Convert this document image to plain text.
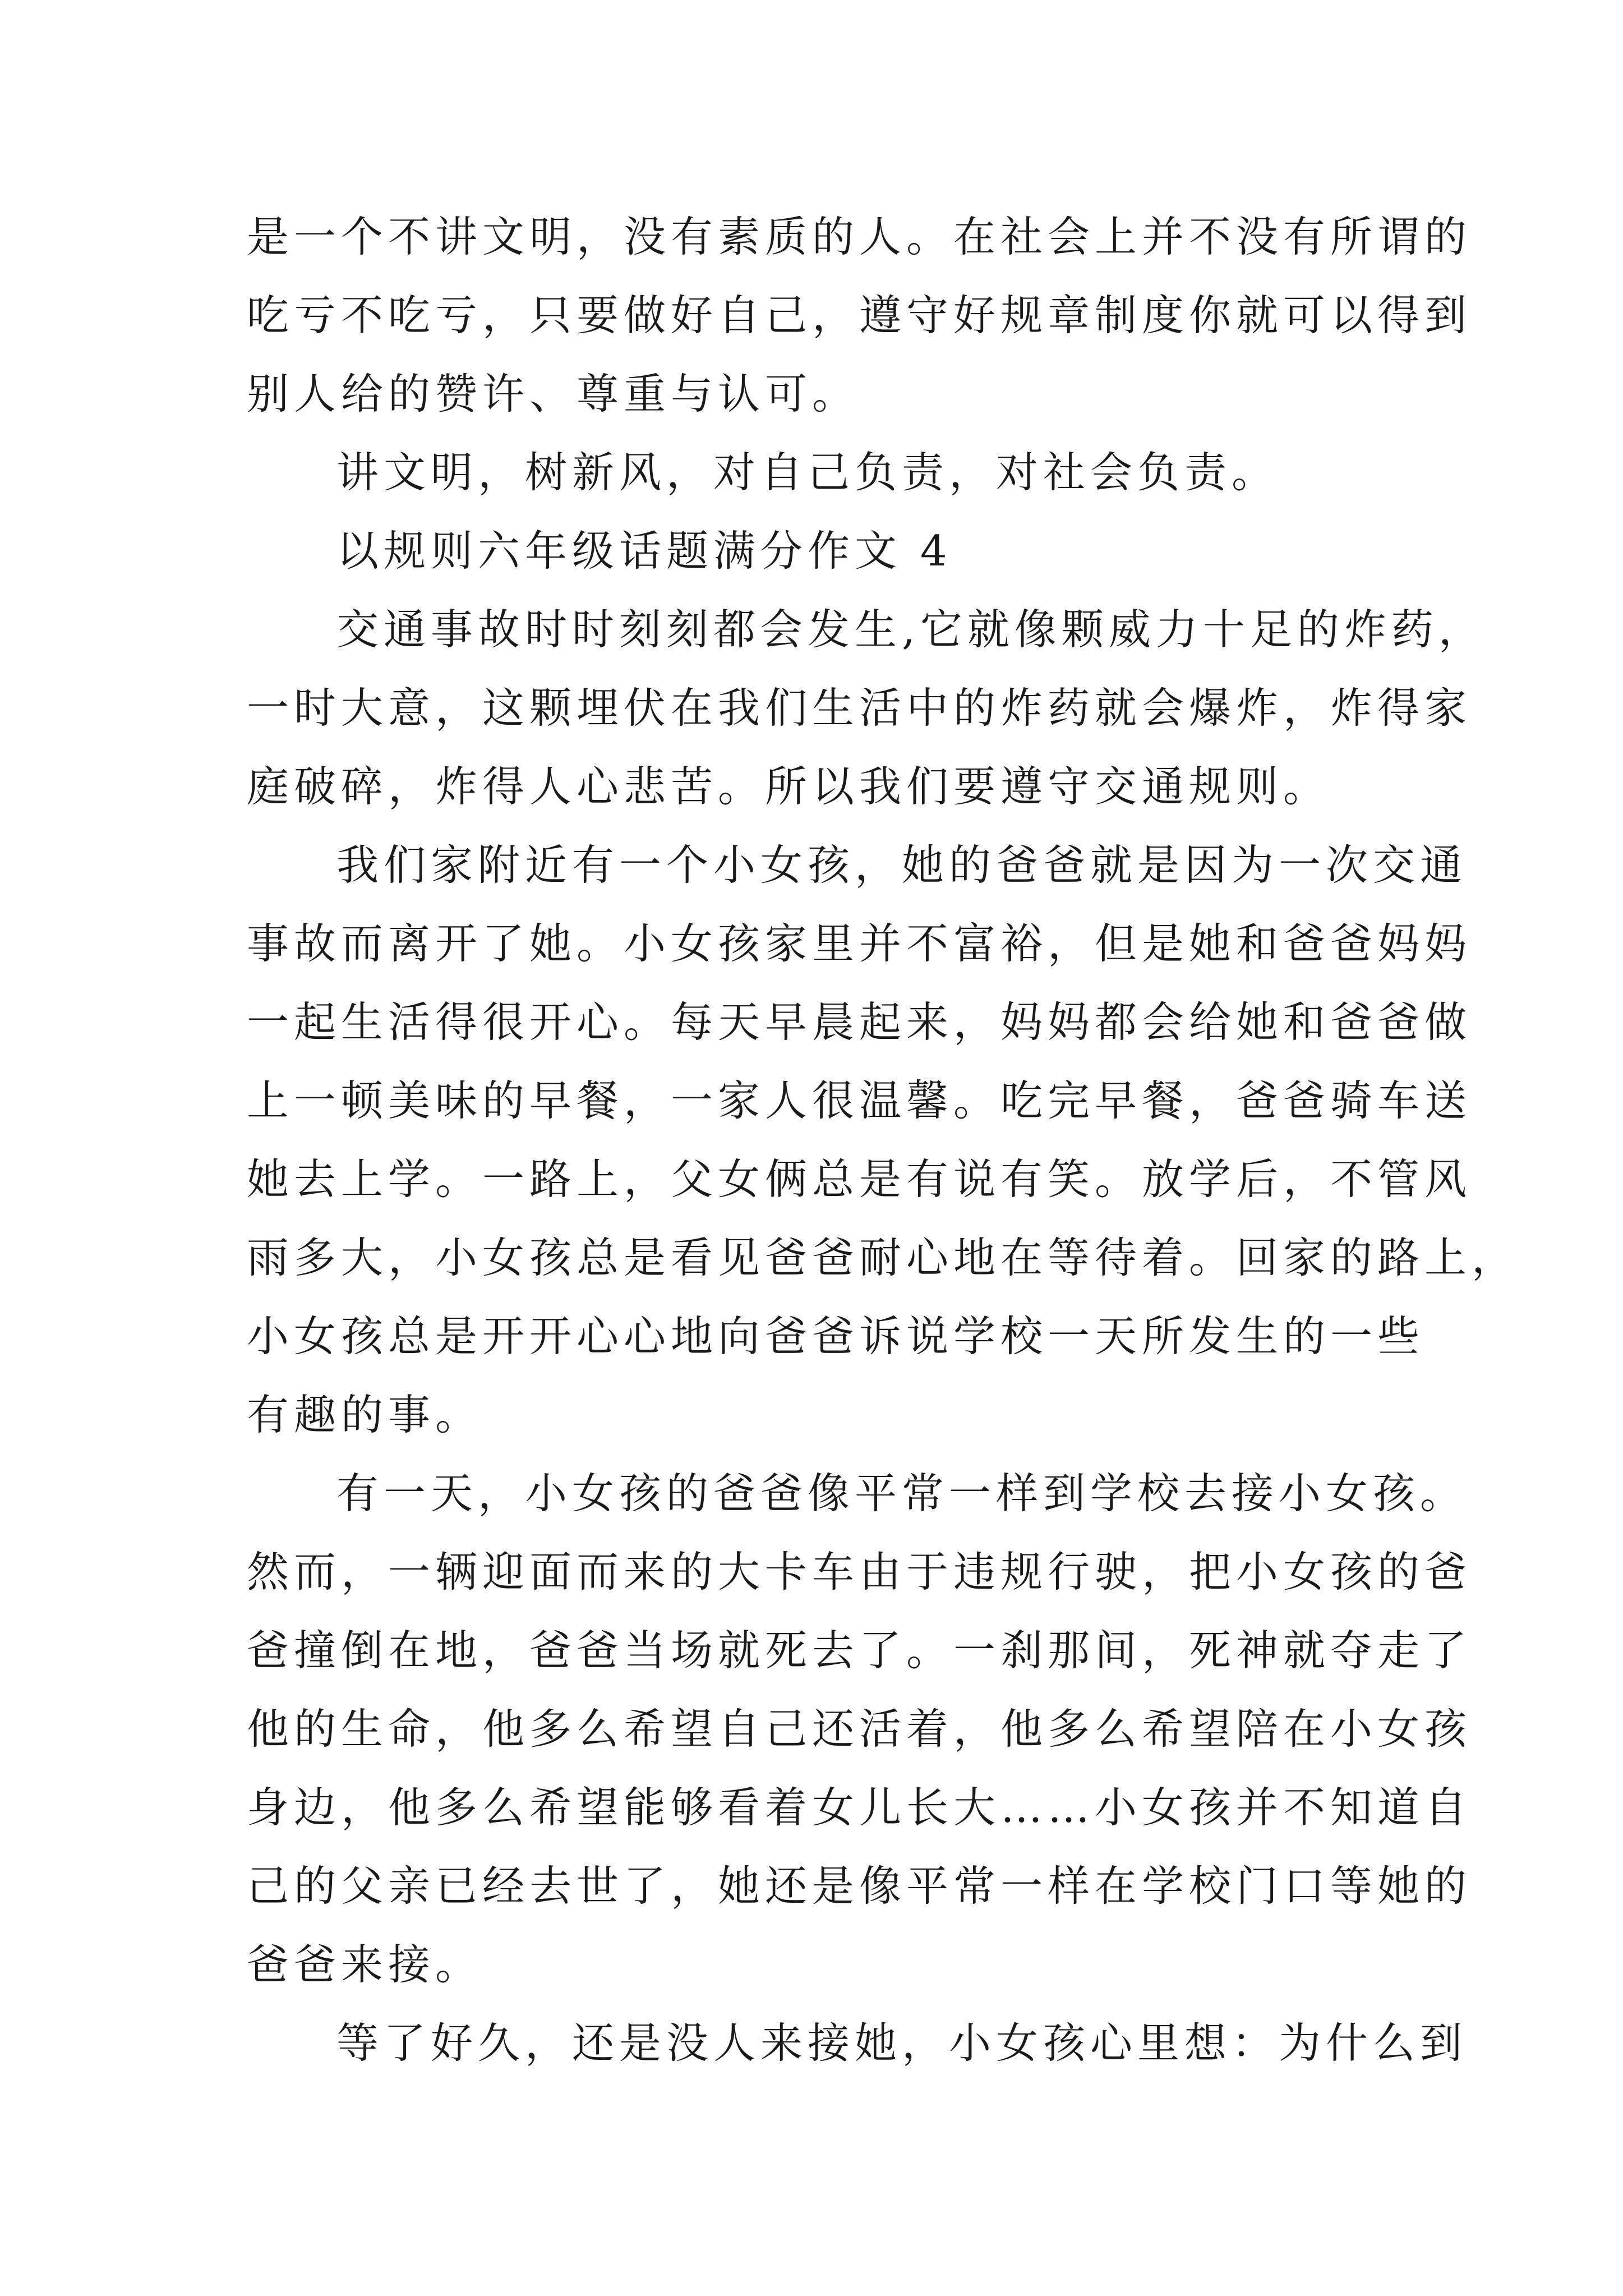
是一个不讲文明，没有素质的人。在社会上并不没有所谓的
吃亏不吃亏，只要做好自己，遵守好规章制度你就可以得到
别人给的赞许、尊重与认可。
讲文明，树新风，对自己负责，对社会负责。
以规则六年级话题满分作文 4
交通事故时时刻刻都会发生,它就像颗威力十足的炸药，
一时大意，这颗埋伏在我们生活中的炸药就会爆炸，炸得家
庭破碎，炸得人心悲苦。所以我们要遵守交通规则。
我们家附近有一个小女孩，她的爸爸就是因为一次交通
事故而离开了她。小女孩家里并不富裕，但是她和爸爸妈妈
一起生活得很开心。每天早晨起来，妈妈都会给她和爸爸做
上一顿美味的早餐，一家人很温馨。吃完早餐，爸爸骑车送
她去上学。一路上，父女俩总是有说有笑。放学后，不管风
雨多大，小女孩总是看见爸爸耐心地在等待着。回家的路上，
小女孩总是开开心心地向爸爸诉说学校一天所发生的一些
有趣的事。
有一天，小女孩的爸爸像平常一样到学校去接小女孩。
然而，一辆迎面而来的大卡车由于违规行驶，把小女孩的爸
爸撞倒在地，爸爸当场就死去了。一刹那间，死神就夺走了
他的生命，他多么希望自己还活着，他多么希望陪在小女孩
身边，他多么希望能够看着女儿长大……小女孩并不知道自
己的父亲已经去世了，她还是像平常一样在学校门口等她的
爸爸来接。
等了好久，还是没人来接她，小女孩心里想：为什么到
